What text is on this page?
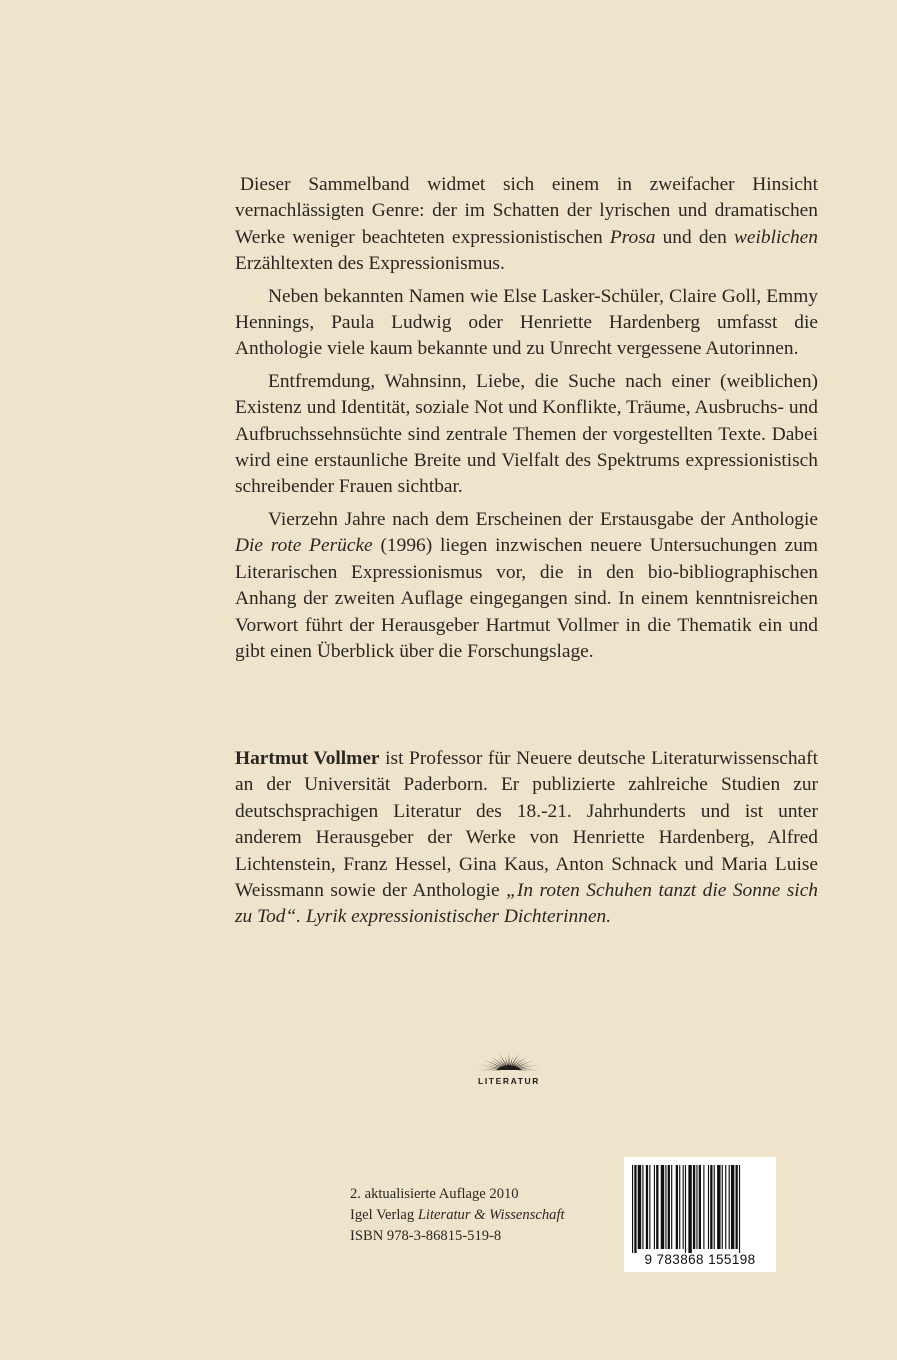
Dieser Sammelband widmet sich einem in zweifacher Hinsicht vernachlässigten Genre: der im Schatten der lyrischen und dramatischen Werke weniger beachteten expressionistischen Prosa und den weiblichen Erzähltexten des Expressionismus.

Neben bekannten Namen wie Else Lasker-Schüler, Claire Goll, Emmy Hennings, Paula Ludwig oder Henriette Hardenberg umfasst die Anthologie viele kaum bekannte und zu Unrecht vergessene Autorinnen.

Entfremdung, Wahnsinn, Liebe, die Suche nach einer (weiblichen) Existenz und Identität, soziale Not und Konflikte, Träume, Ausbruchs- und Aufbruchssehnsüchte sind zentrale Themen der vorgestellten Texte. Dabei wird eine erstaunliche Breite und Vielfalt des Spektrums expressionistisch schreibender Frauen sichtbar.

Vierzehn Jahre nach dem Erscheinen der Erstausgabe der Anthologie Die rote Perücke (1996) liegen inzwischen neuere Untersuchungen zum Literarischen Expressionismus vor, die in den bio-bibliographischen Anhang der zweiten Auflage eingegangen sind. In einem kenntnisreichen Vorwort führt der Herausgeber Hartmut Vollmer in die Thematik ein und gibt einen Überblick über die Forschungslage.

Hartmut Vollmer ist Professor für Neuere deutsche Literaturwissenschaft an der Universität Paderborn. Er publizierte zahlreiche Studien zur deutschsprachigen Literatur des 18.-21. Jahrhunderts und ist unter anderem Herausgeber der Werke von Henriette Hardenberg, Alfred Lichtenstein, Franz Hessel, Gina Kaus, Anton Schnack und Maria Luise Weissmann sowie der Anthologie „In roten Schuhen tanzt die Sonne sich zu Tod“. Lyrik expressionistischer Dichterinnen.

LITERATUR
2. aktualisierte Auflage 2010
Igel Verlag Literatur & Wissenschaft
ISBN 978-3-86815-519-8
9 783868 155198
